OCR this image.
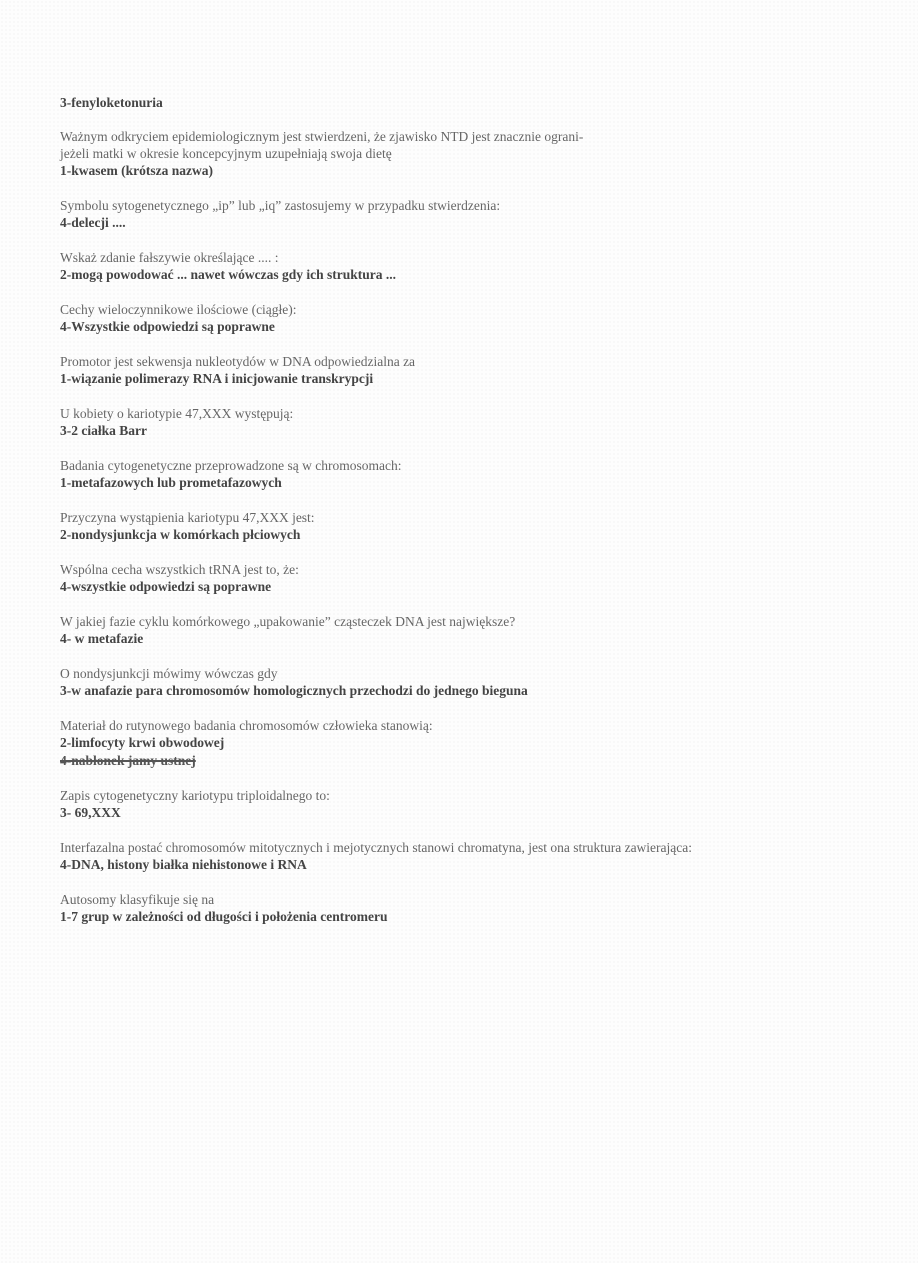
3-fenyloketonuria
Ważnym odkryciem epidemiologicznym jest stwierdzeni, że zjawisko NTD jest znacznie ograni-
jeżeli matki w okresie koncepcyjnym uzupełniają swoja dietę
1-kwasem (krótsza nazwa)
Symbolu sytogenetycznego „ip” lub „iq” zastosujemy w przypadku stwierdzenia:
4-delecji ....
Wskaż zdanie fałszywie określające .... :
2-mogą powodować ... nawet wówczas gdy ich struktura ...
Cechy wieloczynnikowe ilościowe (ciągłe):
4-Wszystkie odpowiedzi są poprawne
Promotor jest sekwensja nukleotydów w DNA odpowiedzialna za
1-wiązanie polimerazy RNA i inicjowanie transkrypcji
U kobiety o kariotypie 47,XXX występują:
3-2 ciałka Barr
Badania cytogenetyczne przeprowadzone są w chromosomach:
1-metafazowych lub prometafazowych
Przyczyna wystąpienia kariotypu 47,XXX jest:
2-nondysjunkcja w komórkach płciowych
Wspólna cecha wszystkich tRNA jest to, że:
4-wszystkie odpowiedzi są poprawne
W jakiej fazie cyklu komórkowego „upakowanie” cząsteczek DNA jest największe?
4- w metafazie
O nondysjunkcji mówimy wówczas gdy
3-w anafazie para chromosomów homologicznych przechodzi do jednego bieguna
Materiał do rutynowego badania chromosomów człowieka stanowią:
2-limfocyty krwi obwodowej
4-nabłonek jamy ustnej
Zapis cytogenetyczny kariotypu triploidalnego to:
3- 69,XXX
Interfazalna postać chromosomów mitotycznych i mejotycznych stanowi chromatyna, jest ona struktura zawierająca:
4-DNA, histony białka niehistonowe i RNA
Autosomy klasyfikuje się na
1-7 grup w zależności od długości i położenia centromeru
